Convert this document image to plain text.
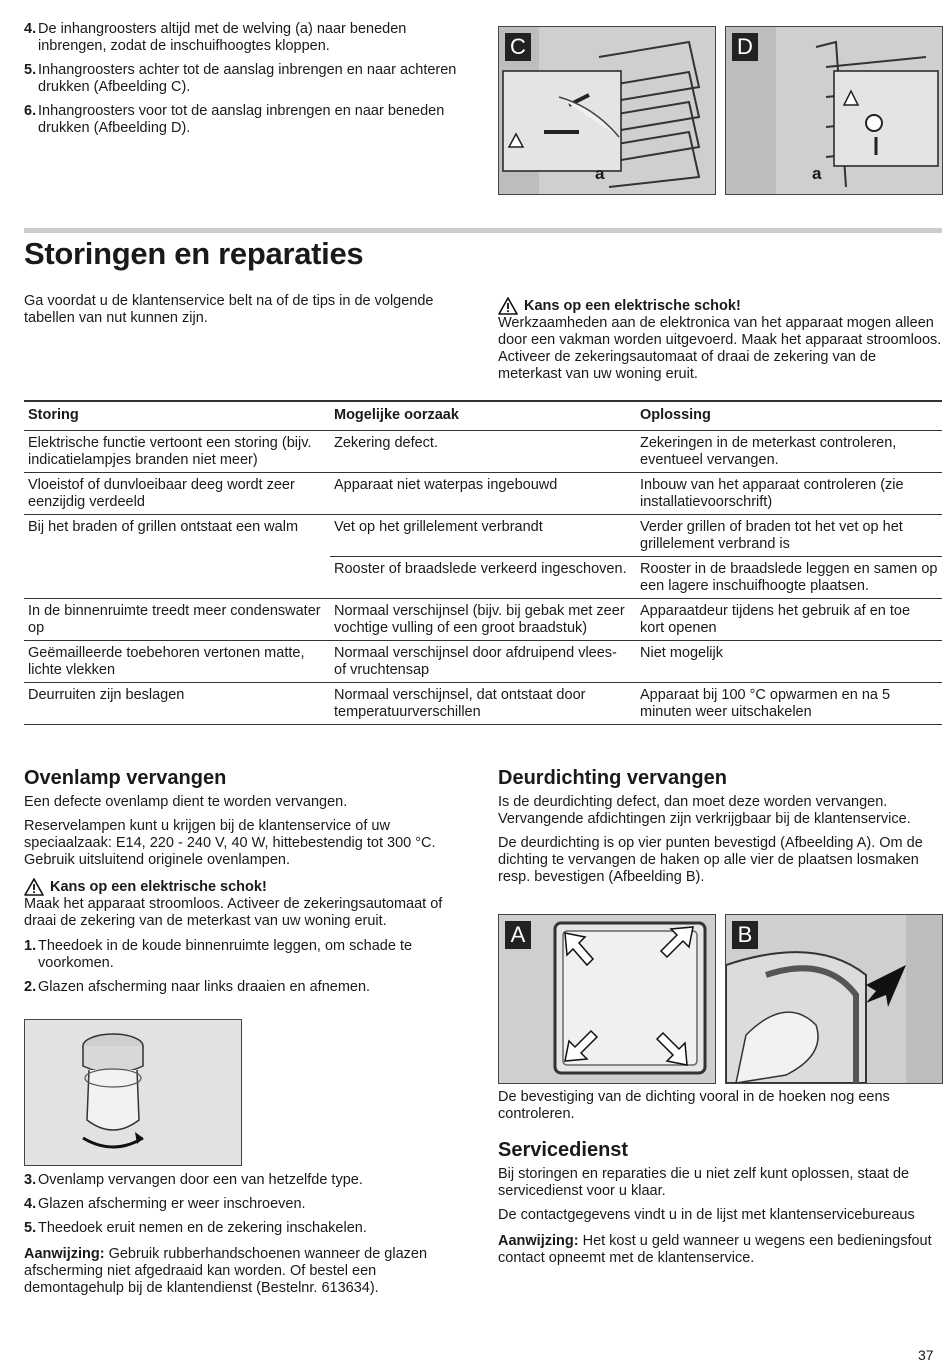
4. De inhangroosters altijd met de welving (a) naar beneden inbrengen, zodat de inschuifhoogtes kloppen.
5. Inhangroosters achter tot de aanslag inbrengen en naar achteren drukken (Afbeelding C).
6. Inhangroosters voor tot de aanslag inbrengen en naar beneden drukken (Afbeelding D).
C
a
D
a
Storingen en reparaties

Ga voordat u de klantenservice belt na of de tips in de volgende tabellen van nut kunnen zijn.

Kans op een elektrische schok!

Werkzaamheden aan de elektronica van het apparaat mogen alleen door een vakman worden uitgevoerd. Maak het apparaat stroomloos. Activeer de zekeringsautomaat of draai de zekering van de meterkast van uw woning eruit.

Storing	Mogelijke oorzaak	Oplossing
Elektrische functie vertoont een storing (bijv. indicatielampjes branden niet meer)	Zekering defect.	Zekeringen in de meterkast controleren, eventueel vervangen.
Vloeistof of dunvloeibaar deeg wordt zeer eenzijdig verdeeld	Apparaat niet waterpas ingebouwd	Inbouw van het apparaat controleren (zie installatievoorschrift)
Bij het braden of grillen ontstaat een walm	Vet op het grillelement verbrandt	Verder grillen of braden tot het vet op het grillelement verbrand is
	Rooster of braadslede verkeerd ingeschoven.	Rooster in de braadslede leggen en samen op een lagere inschuifhoogte plaatsen.
In de binnenruimte treedt meer condenswater op	Normaal verschijnsel (bijv. bij gebak met zeer vochtige vulling of een groot braadstuk)	Apparaatdeur tijdens het gebruik af en toe kort openen
Geëmailleerde toebehoren vertonen matte, lichte vlekken	Normaal verschijnsel door afdruipend vlees- of vruchtensap	Niet mogelijk
Deurruiten zijn beslagen	Normaal verschijnsel, dat ontstaat door temperatuurverschillen	Apparaat bij 100 °C opwarmen en na 5 minuten weer uitschakelen
Ovenlamp vervangen

Een defecte ovenlamp dient te worden vervangen.

Reservelampen kunt u krijgen bij de klantenservice of uw speciaalzaak: E14, 220 - 240 V, 40 W, hittebestendig tot 300 °C. Gebruik uitsluitend originele ovenlampen.

Kans op een elektrische schok!

Maak het apparaat stroomloos. Activeer de zekeringsautomaat of draai de zekering van de meterkast van uw woning eruit.

1. Theedoek in de koude binnenruimte leggen, om schade te voorkomen.
2. Glazen afscherming naar links draaien en afnemen.
3. Ovenlamp vervangen door een van hetzelfde type.
4. Glazen afscherming er weer inschroeven.
5. Theedoek eruit nemen en de zekering inschakelen.

Aanwijzing: Gebruik rubberhandschoenen wanneer de glazen afscherming niet afgedraaid kan worden. Of bestel een demontagehulp bij de klantendienst (Bestelnr. 613634).

Deurdichting vervangen

Is de deurdichting defect, dan moet deze worden vervangen. Vervangende afdichtingen zijn verkrijgbaar bij de klantenservice.

De deurdichting is op vier punten bevestigd (Afbeelding A). Om de dichting te vervangen de haken op alle vier de plaatsen losmaken resp. bevestigen (Afbeelding B).

A	B

De bevestiging van de dichting vooral in de hoeken nog eens controleren.

Servicedienst

Bij storingen en reparaties die u niet zelf kunt oplossen, staat de servicedienst voor u klaar.

De contactgegevens vindt u in de lijst met klantenservicebureaus

Aanwijzing: Het kost u geld wanneer u wegens een bedieningsfout contact opneemt met de klantenservice.

37
